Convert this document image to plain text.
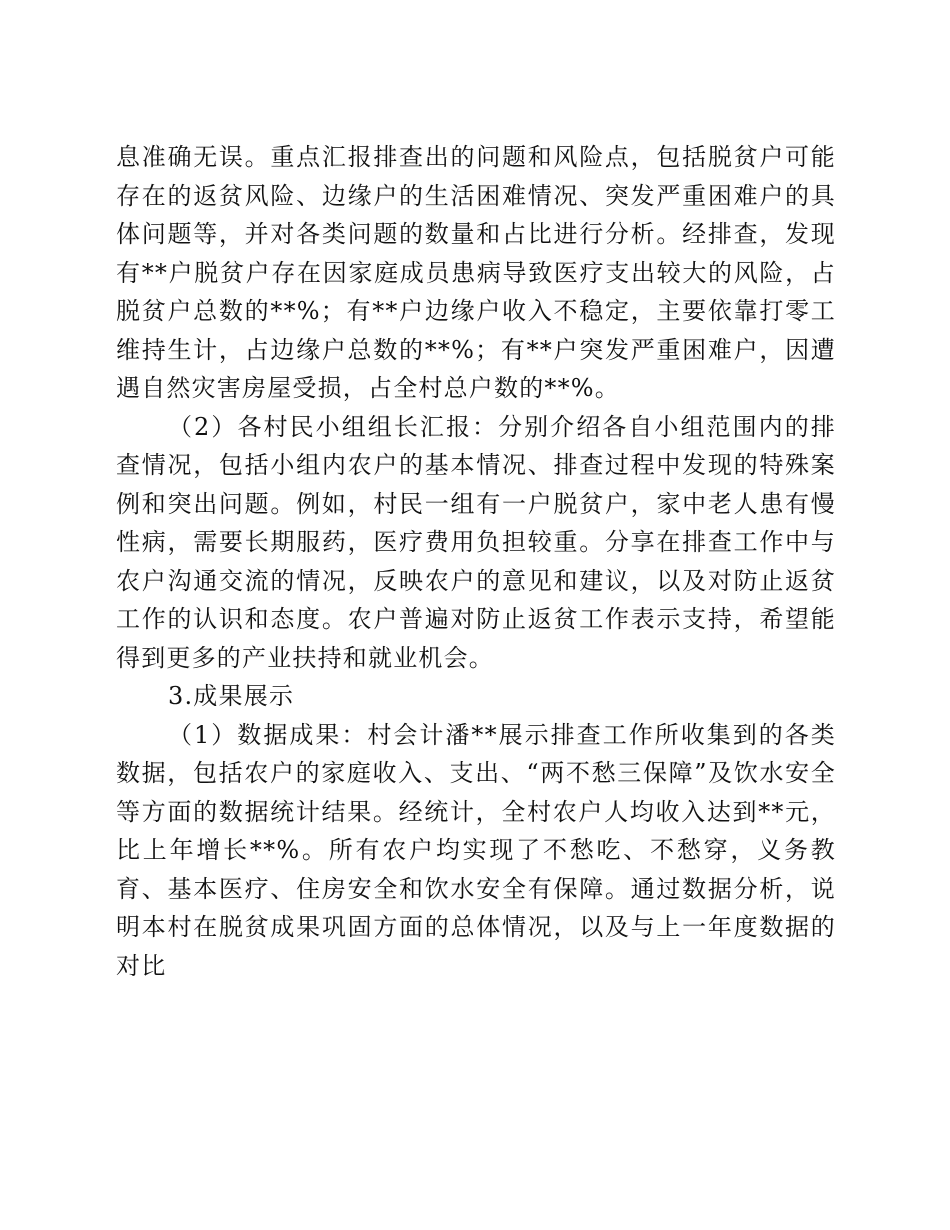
息准确无误。重点汇报排查出的问题和风险点，包括脱贫户可能存在的返贫风险、边缘户的生活困难情况、突发严重困难户的具体问题等，并对各类问题的数量和占比进行分析。经排查，发现有**户脱贫户存在因家庭成员患病导致医疗支出较大的风险，占脱贫户总数的**%；有**户边缘户收入不稳定，主要依靠打零工维持生计，占边缘户总数的**%；有**户突发严重困难户，因遭遇自然灾害房屋受损，占全村总户数的**%。

（2）各村民小组组长汇报：分别介绍各自小组范围内的排查情况，包括小组内农户的基本情况、排查过程中发现的特殊案例和突出问题。例如，村民一组有一户脱贫户，家中老人患有慢性病，需要长期服药，医疗费用负担较重。分享在排查工作中与农户沟通交流的情况，反映农户的意见和建议，以及对防止返贫工作的认识和态度。农户普遍对防止返贫工作表示支持，希望能得到更多的产业扶持和就业机会。

3.成果展示

（1）数据成果：村会计潘**展示排查工作所收集到的各类数据，包括农户的家庭收入、支出、“两不愁三保障”及饮水安全等方面的数据统计结果。经统计，全村农户人均收入达到**元，比上年增长**%。所有农户均实现了不愁吃、不愁穿，义务教育、基本医疗、住房安全和饮水安全有保障。通过数据分析，说明本村在脱贫成果巩固方面的总体情况，以及与上一年度数据的对比
